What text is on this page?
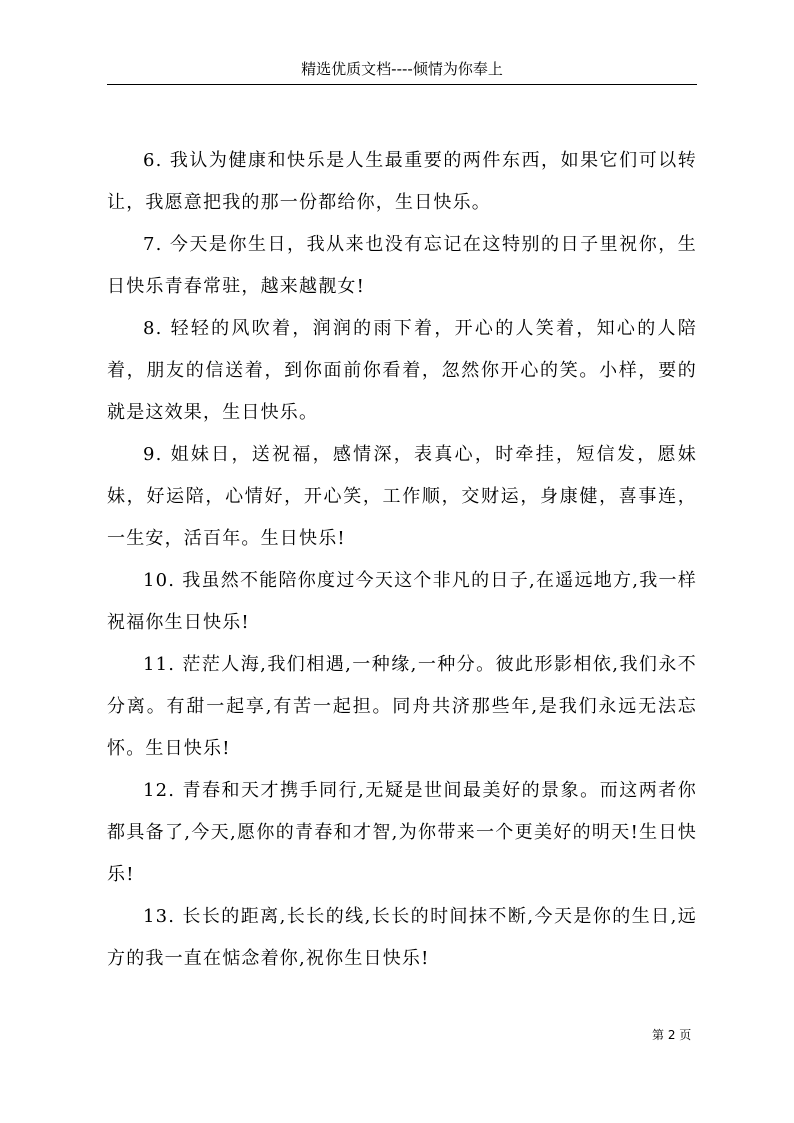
精选优质文档----倾情为你奉上

6. 我认为健康和快乐是人生最重要的两件东西，如果它们可以转让，我愿意把我的那一份都给你，生日快乐。

7. 今天是你生日，我从来也没有忘记在这特别的日子里祝你，生日快乐青春常驻，越来越靓女!

8. 轻轻的风吹着，润润的雨下着，开心的人笑着，知心的人陪着，朋友的信送着，到你面前你看着，忽然你开心的笑。小样，要的就是这效果，生日快乐。

9. 姐妹日，送祝福，感情深，表真心，时牵挂，短信发，愿妹妹，好运陪，心情好，开心笑，工作顺，交财运，身康健，喜事连，一生安，活百年。生日快乐!

10. 我虽然不能陪你度过今天这个非凡的日子,在遥远地方,我一样祝福你生日快乐!

11. 茫茫人海,我们相遇,一种缘,一种分。彼此形影相依,我们永不分离。有甜一起享,有苦一起担。同舟共济那些年,是我们永远无法忘怀。生日快乐!

12. 青春和天才携手同行,无疑是世间最美好的景象。而这两者你都具备了,今天,愿你的青春和才智,为你带来一个更美好的明天!生日快乐!

13. 长长的距离,长长的线,长长的时间抹不断,今天是你的生日,远方的我一直在惦念着你,祝你生日快乐!

第 2 页
